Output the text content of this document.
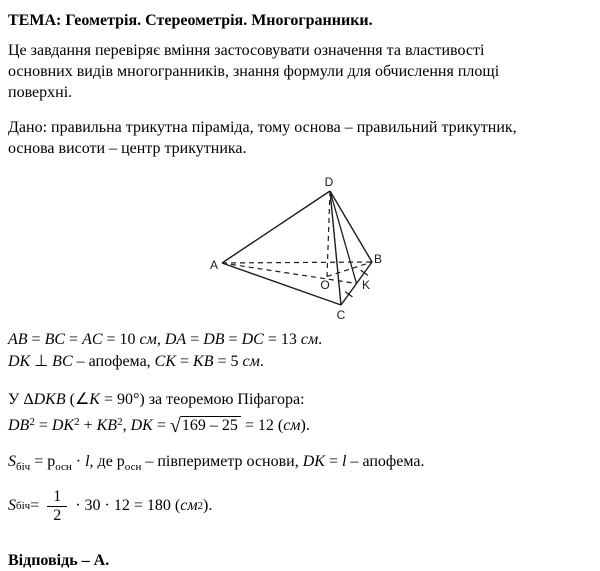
ТЕМА: Геометрія. Стереометрія. Многогранники.
Це завдання перевіряє вміння застосовувати означення та властивості
основних видів многогранників, знання формули для обчислення площі
поверхні.
Дано: правильна трикутна піраміда, тому основа – правильний трикутник,
основа висоти – центр трикутника.
D
A	B
C
O	K
AB = BC = AC = 10 см, DA = DB = DC = 13 см.
DK ⊥ BC – апофема, CK = KB = 5 см.
У ΔDKB (∠K = 90°) за теоремою Піфагора:
$DB^2 = DK^2 + KB^2$, DK = √169 – 25 = 12 (см).
$S_{біч} = p_{осн} \cdot l$, де $p_{осн}$ – півпериметр основи, DK = l – апофема.
S біч = $\frac{1}{2} \cdot 30 \cdot 12 = 180$ ( см 2 ).
Відповідь – А.
